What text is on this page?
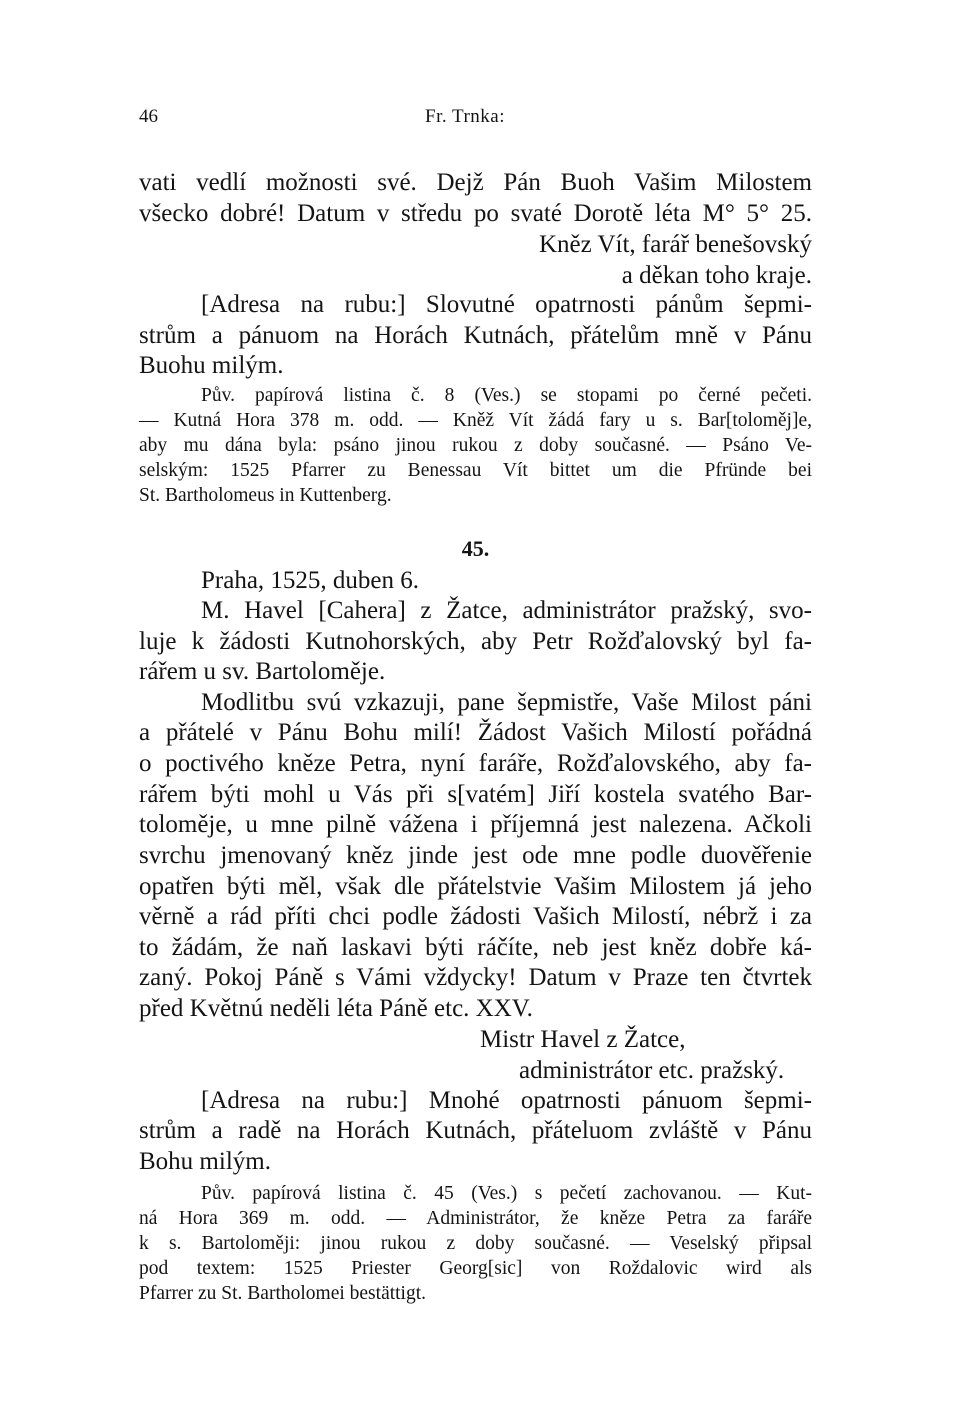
46	Fr. Trnka:
vati vedlí možnosti své. Dejž Pán Buoh Vašim Milostem
všecko dobré! Datum v středu po svaté Dorotě léta M° 5° 25.
Kněz Vít, farář benešovský
a děkan toho kraje.
[Adresa na rubu:] Slovutné opatrnosti pánům šepmi-
strům a pánuom na Horách Kutnách, přátelům mně v Pánu
Buohu milým.
Pův. papírová listina č. 8 (Ves.) se stopami po černé pečeti.
— Kutná Hora 378 m. odd. — Kněž Vít žádá fary u s. Bar[toloměj]e,
aby mu dána byla: psáno jinou rukou z doby současné. — Psáno Ve-
selským: 1525 Pfarrer zu Benessau Vít bittet um die Pfründe bei
St. Bartholomeus in Kuttenberg.
45.
Praha, 1525, duben 6.
M. Havel [Cahera] z Žatce, administrátor pražský, svo-
luje k žádosti Kutnohorských, aby Petr Rožďalovský byl fa-
rářem u sv. Bartoloměje.
Modlitbu svú vzkazuji, pane šepmistře, Vaše Milost páni
a přátelé v Pánu Bohu milí! Žádost Vašich Milostí pořádná
o poctivého kněze Petra, nyní faráře, Rožďalovského, aby fa-
rářem býti mohl u Vás při s[vatém] Jiří kostela svatého Bar-
toloměje, u mne pilně vážena i příjemná jest nalezena. Ačkoli
svrchu jmenovaný kněz jinde jest ode mne podle duověřenie
opatřen býti měl, však dle přátelstvie Vašim Milostem já jeho
věrně a rád příti chci podle žádosti Vašich Milostí, nébrž i za
to žádám, že naň laskavi býti ráčíte, neb jest kněz dobře ká-
zaný. Pokoj Páně s Vámi vždycky! Datum v Praze ten čtvrtek
před Květnú neděli léta Páně etc. XXV.
Mistr Havel z Žatce,
administrátor etc. pražský.
[Adresa na rubu:] Mnohé opatrnosti pánuom šepmi-
strům a radě na Horách Kutnách, přáteluom zvláště v Pánu
Bohu milým.
Pův. papírová listina č. 45 (Ves.) s pečetí zachovanou. — Kut-
ná Hora 369 m. odd. — Administrátor, že kněze Petra za faráře
k s. Bartoloměji: jinou rukou z doby současné. — Veselský připsal
pod textem: 1525 Priester Georg[sic] von Roždalovic wird als
Pfarrer zu St. Bartholomei bestättigt.
